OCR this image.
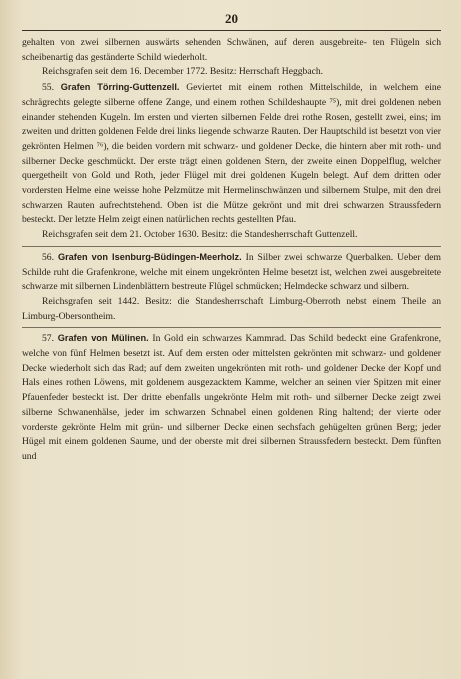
20

gehalten von zwei silbernen auswärts sehenden Schwänen, auf deren ausgebreite- ten Flügeln sich scheibenartig das geständerte Schild wiederholt.

Reichsgrafen seit dem 16. December 1772. Besitz: Herrschaft Heggbach.

55. Grafen Törring-Guttenzell. Geviertet mit einem rothen Mittelschilde, in welchem eine schrägrechts gelegte silberne offene Zange, und einem rothen Schildeshaupte ⁷⁵), mit drei goldenen neben einander stehenden Kugeln. Im ersten und vierten silbernen Felde drei rothe Rosen, gestellt zwei, eins; im zweiten und dritten goldenen Felde drei links liegende schwarze Rauten. Der Hauptschild ist besetzt von vier gekrönten Helmen ⁷⁶), die beiden vordern mit schwarz- und goldener Decke, die hintern aber mit roth- und silberner Decke geschmückt. Der erste trägt einen goldenen Stern, der zweite einen Doppelflug, welcher quergetheilt von Gold und Roth, jeder Flügel mit drei goldenen Kugeln belegt. Auf dem dritten oder vordersten Helme eine weisse hohe Pelzmütze mit Hermelinschwänzen und silbernem Stulpe, mit den drei schwarzen Rauten aufrechtstehend. Oben ist die Mütze gekrönt und mit drei schwarzen Straussfedern besteckt. Der letzte Helm zeigt einen natürlichen rechts gestellten Pfau.

Reichsgrafen seit dem 21. October 1630. Besitz: die Standesherrschaft Guttenzell.

56. Grafen von Isenburg-Büdingen-Meerholz. In Silber zwei schwarze Querbalken. Ueber dem Schilde ruht die Grafenkrone, welche mit einem ungekrönten Helme besetzt ist, welchen zwei ausgebreitete schwarze mit silbernen Lindenblättern bestreute Flügel schmücken; Helmdecke schwarz und silbern.

Reichsgrafen seit 1442. Besitz: die Standesherrschaft Limburg-Oberroth nebst einem Theile an Limburg-Obersontheim.

57. Grafen von Mülinen. In Gold ein schwarzes Kammrad. Das Schild bedeckt eine Grafenkrone, welche von fünf Helmen besetzt ist. Auf dem ersten oder mittelsten gekrönten mit schwarz- und goldener Decke wiederholt sich das Rad; auf dem zweiten ungekrönten mit roth- und goldener Decke der Kopf und Hals eines rothen Löwens, mit goldenem ausgezacktem Kamme, welcher an seinen vier Spitzen mit einer Pfauenfeder besteckt ist. Der dritte ebenfalls ungekrönte Helm mit roth- und silberner Decke zeigt zwei silberne Schwanenhälse, jeder im schwarzen Schnabel einen goldenen Ring haltend; der vierte oder vorderste gekrönte Helm mit grün- und silberner Decke einen sechsfach gehügelten grünen Berg; jeder Hügel mit einem goldenen Saume, und der oberste mit drei silbernen Straussfedern besteckt. Dem fünften und
